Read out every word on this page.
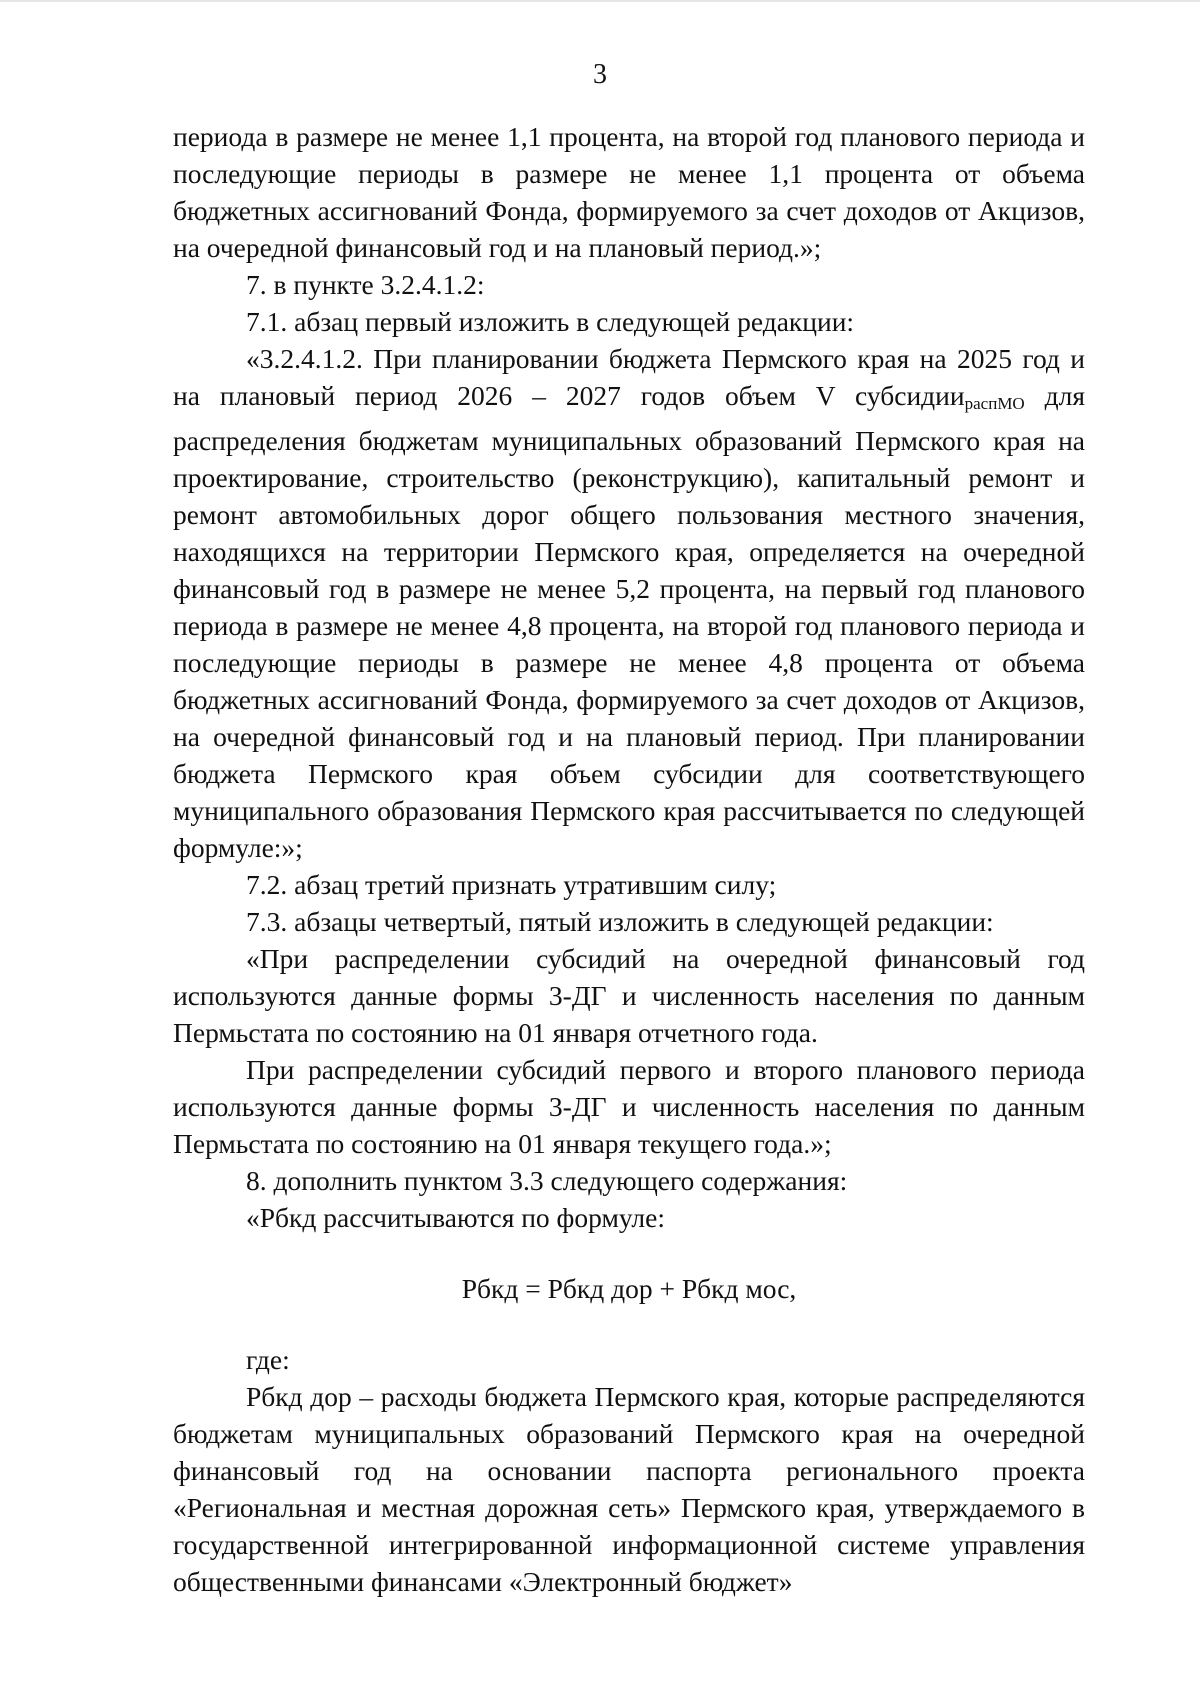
3

периода в размере не менее 1,1 процента, на второй год планового периода и последующие периоды в размере не менее 1,1 процента от объема бюджетных ассигнований Фонда, формируемого за счет доходов от Акцизов, на очередной финансовый год и на плановый период.»;

7. в пункте 3.2.4.1.2:

7.1. абзац первый изложить в следующей редакции:

«3.2.4.1.2. При планировании бюджета Пермского края на 2025 год и на плановый период 2026 – 2027 годов объем V субсидии$_{распМО}$ для распределения бюджетам муниципальных образований Пермского края на проектирование, строительство (реконструкцию), капитальный ремонт и ремонт автомобильных дорог общего пользования местного значения, находящихся на территории Пермского края, определяется на очередной финансовый год в размере не менее 5,2 процента, на первый год планового периода в размере не менее 4,8 процента, на второй год планового периода и последующие периоды в размере не менее 4,8 процента от объема бюджетных ассигнований Фонда, формируемого за счет доходов от Акцизов, на очередной финансовый год и на плановый период. При планировании бюджета Пермского края объем субсидии для соответствующего муниципального образования Пермского края рассчитывается по следующей формуле:»;

7.2. абзац третий признать утратившим силу;

7.3. абзацы четвертый, пятый изложить в следующей редакции:

«При распределении субсидий на очередной финансовый год используются данные формы 3-ДГ и численность населения по данным Пермьстата по состоянию на 01 января отчетного года.

При распределении субсидий первого и второго планового периода используются данные формы 3-ДГ и численность населения по данным Пермьстата по состоянию на 01 января текущего года.»;

8. дополнить пунктом 3.3 следующего содержания:

«Рбкд рассчитываются по формуле:

Рбкд = Рбкд дор + Рбкд мос,

где:

Рбкд дор – расходы бюджета Пермского края, которые распределяются бюджетам муниципальных образований Пермского края на очередной финансовый год на основании паспорта регионального проекта «Региональная и местная дорожная сеть» Пермского края, утверждаемого в государственной интегрированной информационной системе управления общественными финансами «Электронный бюджет»
